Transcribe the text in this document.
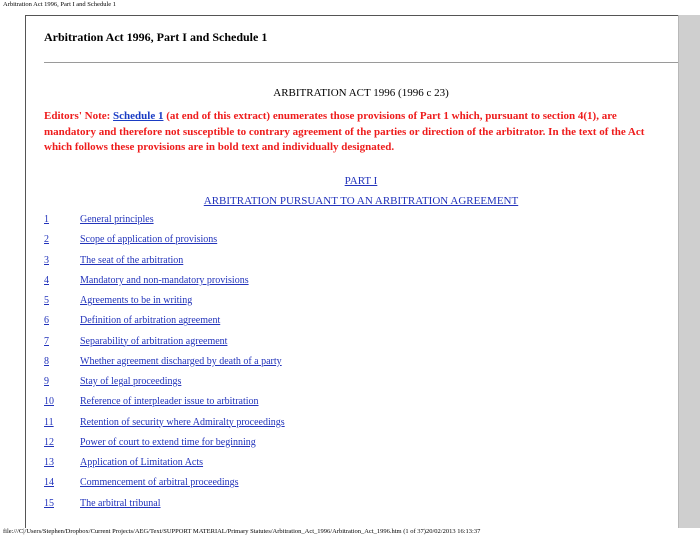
Arbitration Act 1996, Part I and Schedule 1
Arbitration Act 1996, Part I and Schedule 1
ARBITRATION ACT 1996 (1996 c 23)
Editors' Note: Schedule 1 (at end of this extract) enumerates those provisions of Part 1 which, pursuant to section 4(1), are mandatory and therefore not susceptible to contrary agreement of the parties or direction of the arbitrator. In the text of the Act which follows these provisions are in bold text and individually designated.
PART I
ARBITRATION PURSUANT TO AN ARBITRATION AGREEMENT
1	General principles
2	Scope of application of provisions
3	The seat of the arbitration
4	Mandatory and non-mandatory provisions
5	Agreements to be in writing
6	Definition of arbitration agreement
7	Separability of arbitration agreement
8	Whether agreement discharged by death of a party
9	Stay of legal proceedings
10	Reference of interpleader issue to arbitration
11	Retention of security where Admiralty proceedings
12	Power of court to extend time for beginning
13	Application of Limitation Acts
14	Commencement of arbitral proceedings
15	The arbitral tribunal
file:///C|/Users/Stephen/Dropbox/Current Projects/AEG/Text/SUPPORT MATERIAL/Primary Statutes/Arbitration_Act_1996/Arbitration_Act_1996.htm (1 of 37)20/02/2013 16:13:37
